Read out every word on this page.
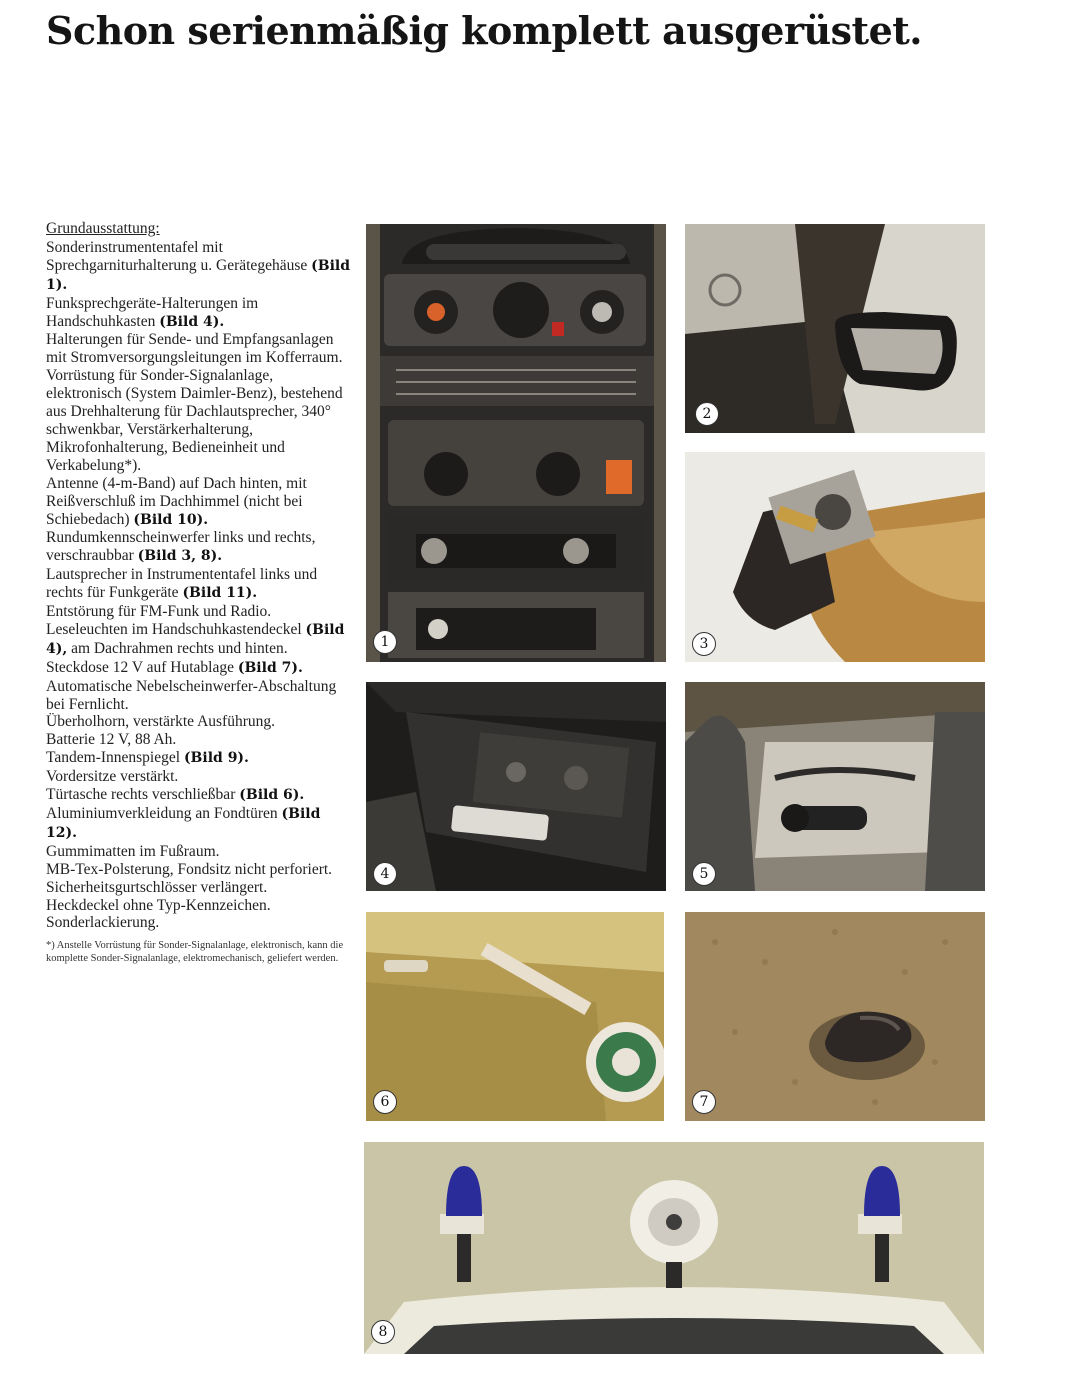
Schon serienmäßig komplett ausgerüstet.
Grundausstattung:
Sonderinstrumententafel mit Sprechgarniturhalterung u. Gerätegehäuse (Bild 1).
Funksprechgeräte-Halterungen im Handschuhkasten (Bild 4).
Halterungen für Sende- und Empfangsanlagen mit Stromversorgungsleitungen im Kofferraum.
Vorrüstung für Sonder-Signalanlage, elektronisch (System Daimler-Benz), bestehend aus Drehhalterung für Dachlautsprecher, 340° schwenkbar, Verstärkerhalterung, Mikrofonhalterung, Bedieneinheit und Verkabelung*).
Antenne (4-m-Band) auf Dach hinten, mit Reißverschluß im Dachhimmel (nicht bei Schiebedach) (Bild 10).
Rundumkennscheinwerfer links und rechts, verschraubbar (Bild 3, 8).
Lautsprecher in Instrumententafel links und rechts für Funkgeräte (Bild 11).
Entstörung für FM-Funk und Radio.
Leseleuchten im Handschuhkastendeckel (Bild 4), am Dachrahmen rechts und hinten.
Steckdose 12 V auf Hutablage (Bild 7).
Automatische Nebelscheinwerfer-Abschaltung bei Fernlicht.
Überholhorn, verstärkte Ausführung.
Batterie 12 V, 88 Ah.
Tandem-Innenspiegel (Bild 9).
Vordersitze verstärkt.
Türtasche rechts verschließbar (Bild 6).
Aluminiumverkleidung an Fondtüren (Bild 12).
Gummimatten im Fußraum.
MB-Tex-Polsterung, Fondsitz nicht perforiert.
Sicherheitsgurtschlösser verlängert.
Heckdeckel ohne Typ-Kennzeichen.
Sonderlackierung.
*) Anstelle Vorrüstung für Sonder-Signalanlage, elektronisch, kann die komplette Sonder-Signalanlage, elektromechanisch, geliefert werden.
1
2
3
4	5
6	7
8
